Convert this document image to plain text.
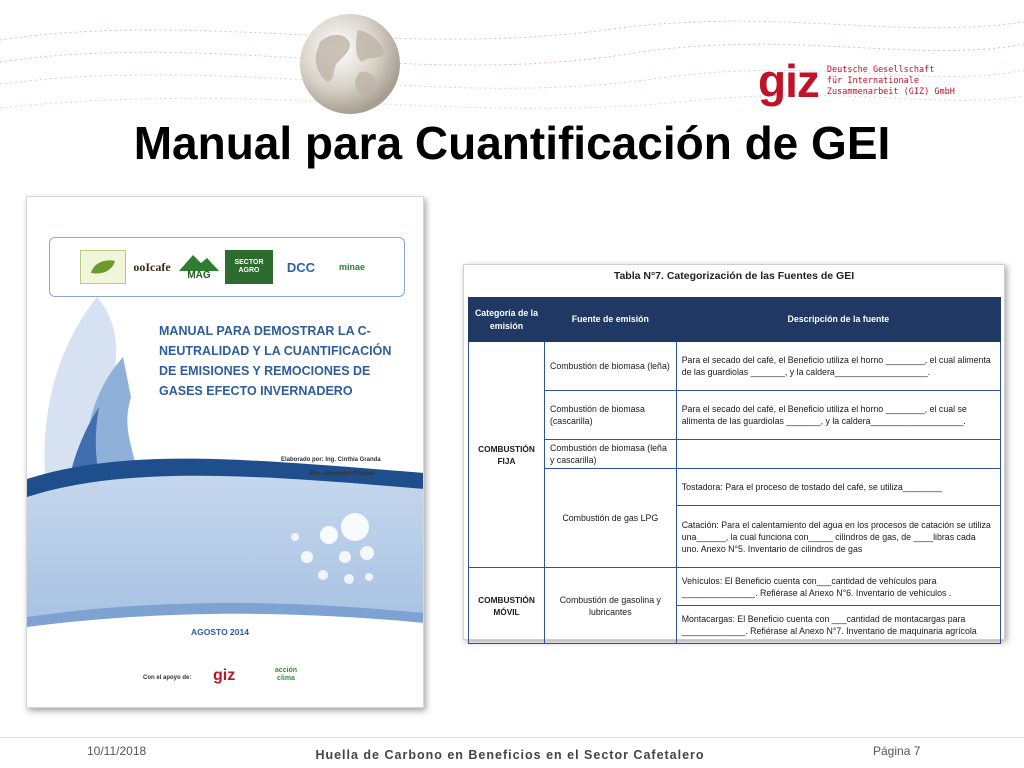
giz Deutsche Gesellschaft
für Internationale
Zusammenarbeit (GIZ) GmbH
Manual para Cuantificación de GEI
ooIcafe
MAG
SECTOR AGRO	DCC	minae
MANUAL PARA DEMOSTRAR LA C-NEUTRALIDAD Y LA CUANTIFICACIÓN DE EMISIONES Y REMOCIONES DE GASES EFECTO INVERNADERO
Elaborado por: Ing. Cinthia Granda
Msc. Alejandro Álvarez
AGOSTO 2014
Con el apoyo de: giz	acción clima
Tabla N°7. Categorización de las Fuentes de GEI
Categoría de la emisión	Fuente de emisión	Descripción de la fuente
COMBUSTIÓN FIJA	Combustión de biomasa (leña)	Para el secado del café, el Beneficio utiliza el horno ________, el cual alimenta de las guardiolas _______, y la caldera___________________.
	Combustión de biomasa (cascarilla)	Para el secado del café, el Beneficio utiliza el horno ________, el cual se alimenta de las guardiolas _______, y la caldera___________________.
	Combustión de biomasa (leña y cascarilla)	
	Combustión de gas LPG	Tostadora: Para el proceso de tostado del café, se utiliza________
		Catación: Para el calentamiento del agua en los procesos de catación se utiliza una______, la cual funciona con_____ cilindros de gas, de ____libras cada uno. Anexo N°5. Inventario de cilindros de gas
COMBUSTIÓN MÓVIL	Combustión de gasolina y lubricantes	Vehículos: El Beneficio cuenta con___cantidad de vehículos para _______________. Refiérase al Anexo N°6. Inventario de vehículos .
		Montacargas: El Beneficio cuenta con ___cantidad de montacargas para _____________. Refiérase al Anexo N°7. Inventario de maquinaria agrícola
10/11/2018	Huella de Carbono en Beneficios en el Sector Cafetalero	Página 7
